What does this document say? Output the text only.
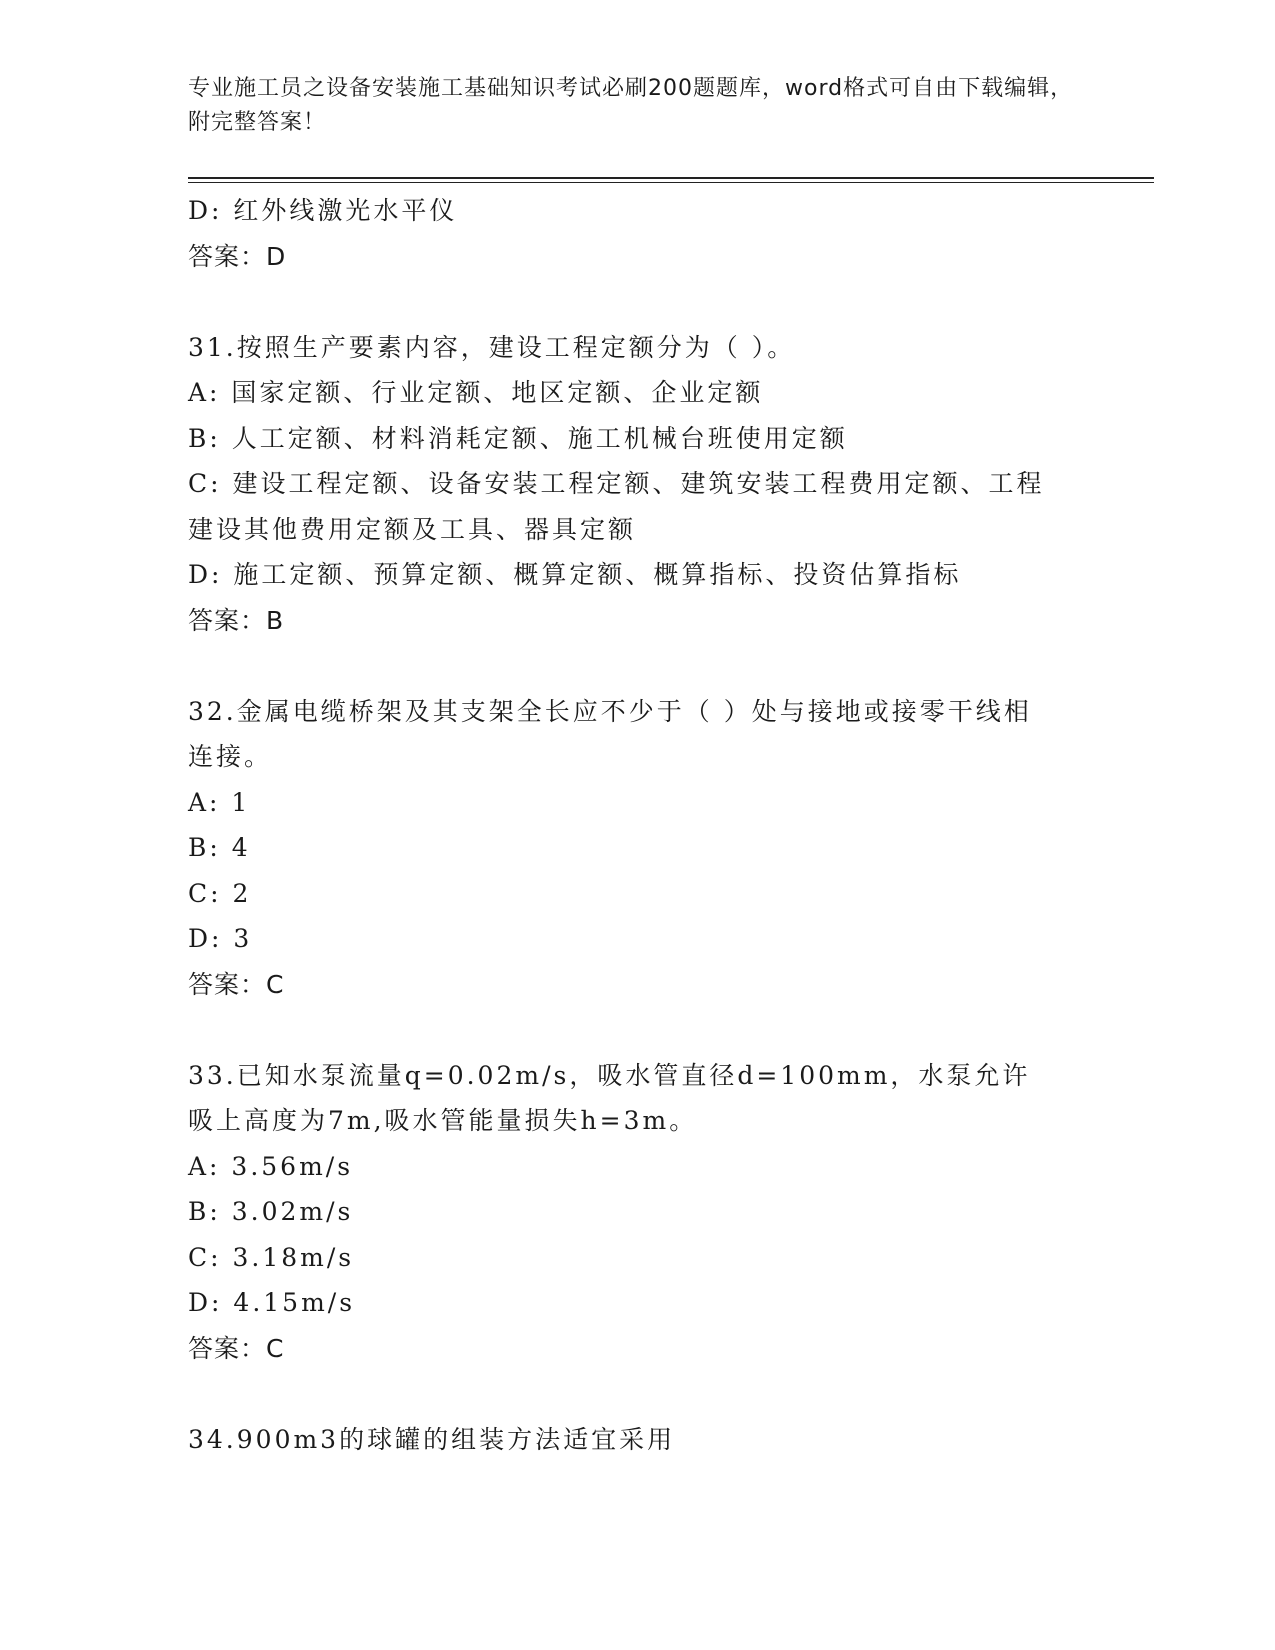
专业施工员之设备安装施工基础知识考试必刷200题题库，word格式可自由下载编辑，附完整答案！
D: 红外线激光水平仪
答案：D
31.按照生产要素内容，建设工程定额分为（ ）。
A: 国家定额、行业定额、地区定额、企业定额
B: 人工定额、材料消耗定额、施工机械台班使用定额
C: 建设工程定额、设备安装工程定额、建筑安装工程费用定额、工程建设其他费用定额及工具、器具定额
D: 施工定额、预算定额、概算定额、概算指标、投资估算指标
答案：B
32.金属电缆桥架及其支架全长应不少于（ ）处与接地或接零干线相连接。
A: 1
B: 4
C: 2
D: 3
答案：C
33.已知水泵流量q=0.02m/s，吸水管直径d=100mm，水泵允许吸上高度为7m,吸水管能量损失h=3m。
A: 3.56m/s
B: 3.02m/s
C: 3.18m/s
D: 4.15m/s
答案：C
34.900m3的球罐的组装方法适宜采用
